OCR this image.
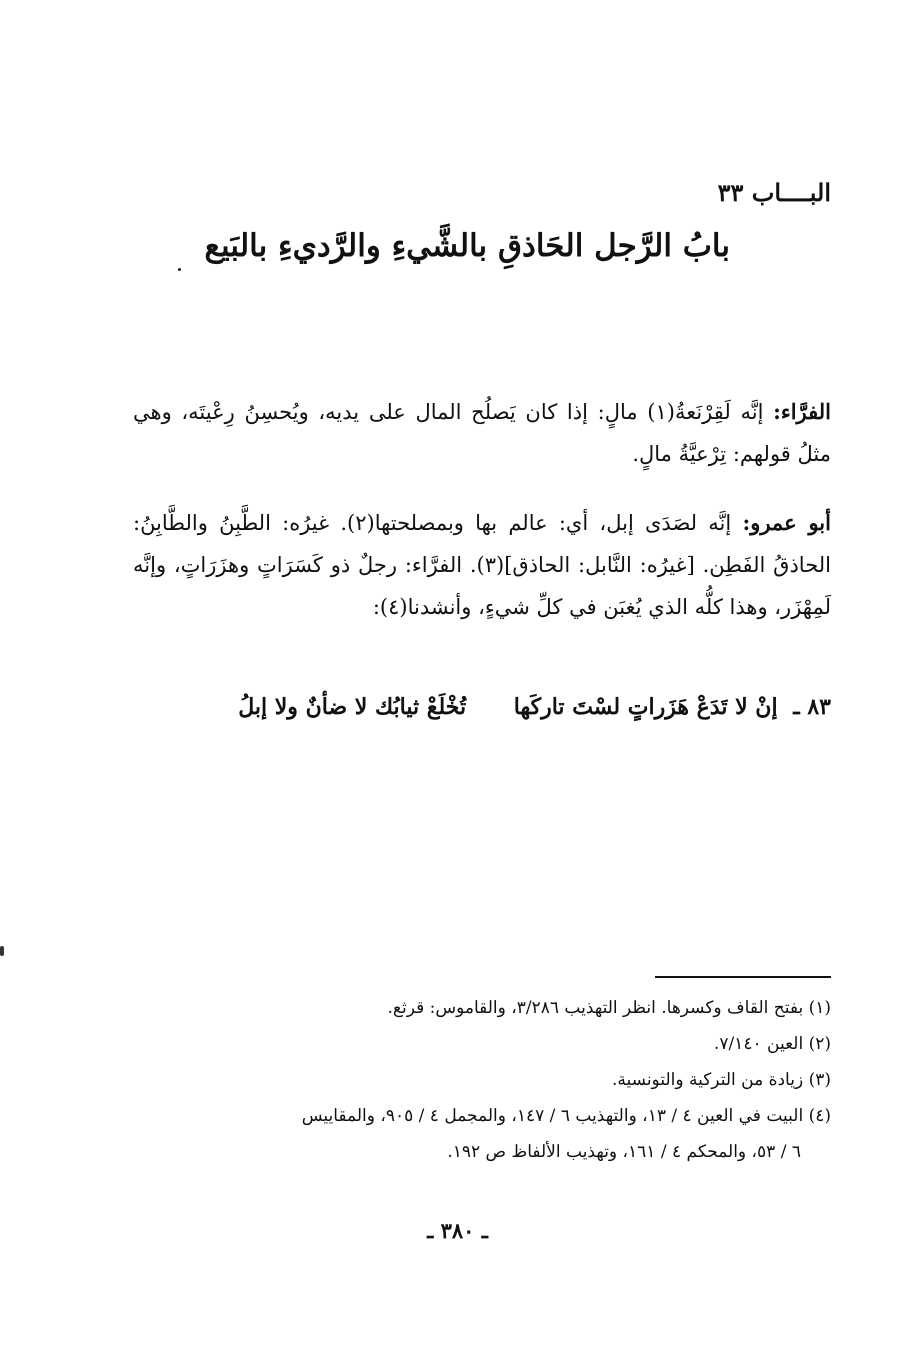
البــــاب ٣٣
بابُ الرَّجل الحَاذقِ بالشَّيءِ والرَّديءِ بالبَيع
الفرَّاء: إنَّه لَقِرْنَعةُ(١) مالٍ: إذا كان يَصلُح المال على يديه، ويُحسِنُ رِعْيتَه، وهي مثلُ قولهم: تِرْعيَّةُ مالٍ.
أبو عمرو: إنَّه لصَدَى إبل، أي: عالم بها وبمصلحتها(٢). غيرُه: الطَّبِنُ والطَّابِنُ: الحاذقُ الفَطِن. [غيرُه: النَّابل: الحاذق](٣). الفرَّاء: رجلٌ ذو كَسَرَاتٍ وهزَرَاتٍ، وإنَّه لَمِهْزَر، وهذا كلُّه الذي يُغبَن في كلِّ شيءٍ، وأنشدنا(٤):
٨٣ ـ إنْ لا تَدَعْ هَزَراتٍ لسْتَ تاركَها تُخْلَعْ ثيابُك لا ضأنٌ ولا إبلُ

(١) بفتح القاف وكسرها. انظر التهذيب ٣/٢٨٦، والقاموس: قرثع.

(٢) العين ٧/١٤٠.

(٣) زيادة من التركية والتونسية.

(٤) البيت في العين ٤ / ١٣، والتهذيب ٦ / ١٤٧، والمجمل ٤ / ٩٠٥، والمقاييس

٦ / ٥٣، والمحكم ٤ / ١٦١، وتهذيب الألفاظ ص ١٩٢.

ـ ٣٨٠ ـ
